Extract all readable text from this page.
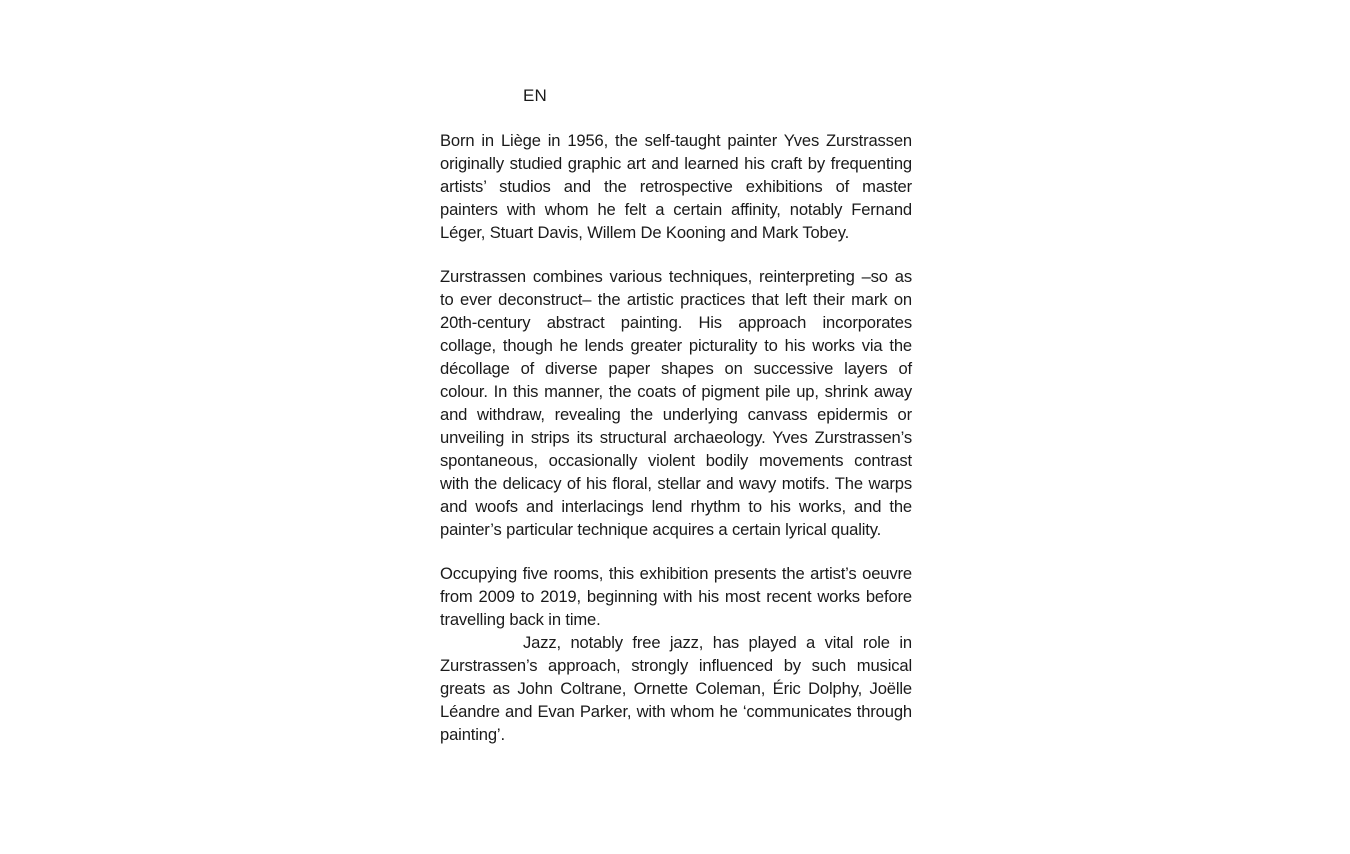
EN

Born in Liège in 1956, the self-taught painter Yves Zurstrassen originally studied graphic art and learned his craft by frequenting artists’ studios and the retrospective exhibitions of master painters with whom he felt a certain affinity, notably Fernand Léger, Stuart Davis, Willem De Kooning and Mark Tobey.

Zurstrassen combines various techniques, reinterpreting –so as to ever deconstruct– the artistic practices that left their mark on 20th-century abstract painting. His approach incorporates collage, though he lends greater picturality to his works via the décollage of diverse paper shapes on successive layers of colour. In this manner, the coats of pigment pile up, shrink away and withdraw, revealing the underlying canvass epidermis or unveiling in strips its structural archaeology. Yves Zurstrassen’s spontaneous, occasionally violent bodily movements contrast with the delicacy of his floral, stellar and wavy motifs. The warps and woofs and interlacings lend rhythm to his works, and the painter’s particular technique acquires a certain lyrical quality.

Occupying five rooms, this exhibition presents the artist’s oeuvre from 2009 to 2019, beginning with his most recent works before travelling back in time.

Jazz, notably free jazz, has played a vital role in Zurstrassen’s approach, strongly influenced by such musical greats as John Coltrane, Ornette Coleman, Éric Dolphy, Joëlle Léandre and Evan Parker, with whom he ‘communicates through painting’.
